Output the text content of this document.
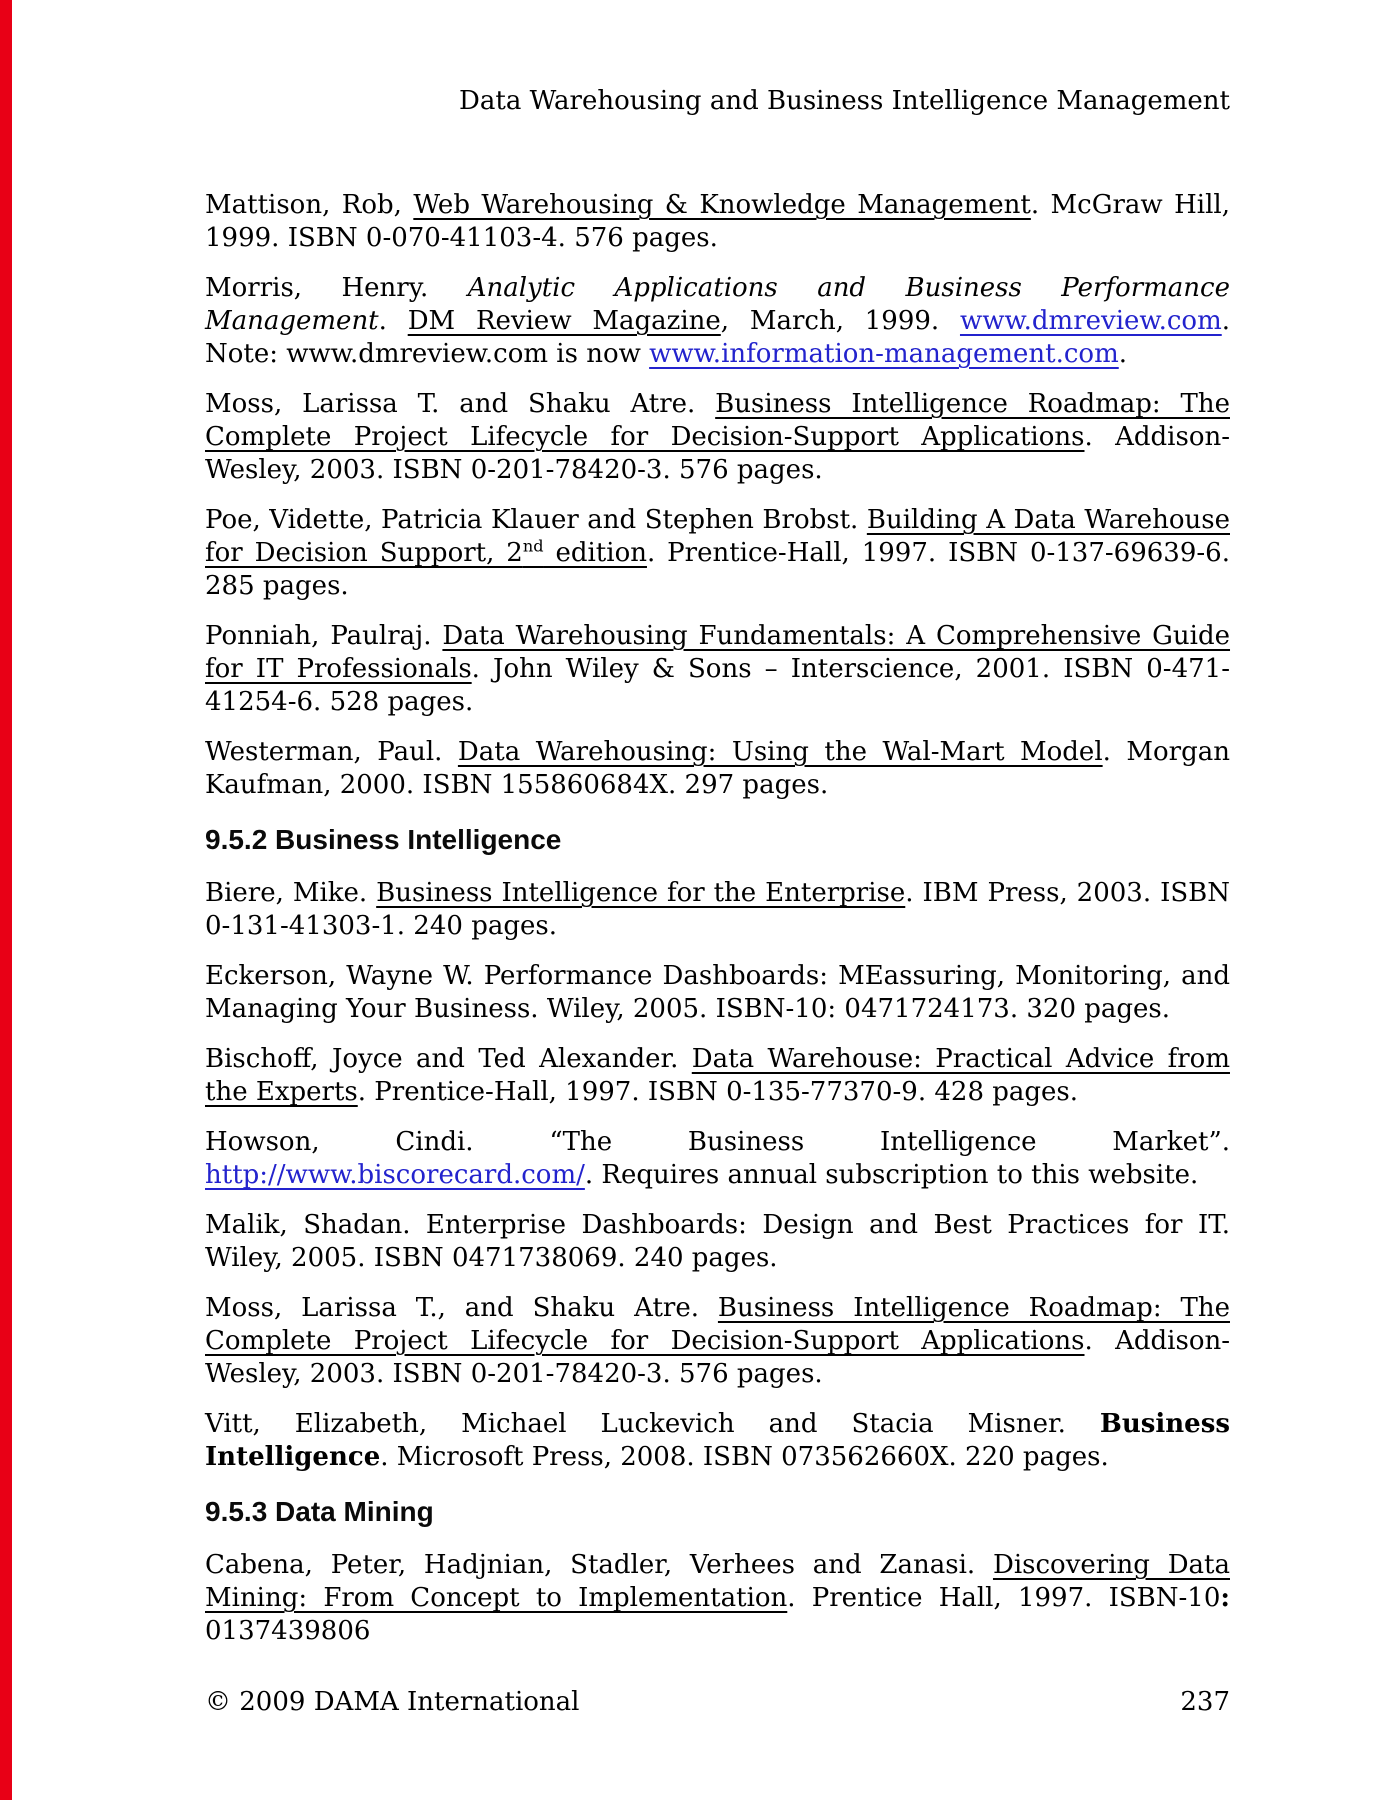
Data Warehousing and Business Intelligence Management

Mattison, Rob, Web Warehousing & Knowledge Management. McGraw Hill, 1999. ISBN 0-070-41103-4. 576 pages.

Morris, Henry. Analytic Applications and Business Performance Management. DM Review Magazine, March, 1999. www.dmreview.com. Note: www.dmreview.com is now www.information-management.com.

Moss, Larissa T. and Shaku Atre. Business Intelligence Roadmap: The Complete Project Lifecycle for Decision-Support Applications. Addison-Wesley, 2003. ISBN 0-201-78420-3. 576 pages.

Poe, Vidette, Patricia Klauer and Stephen Brobst. Building A Data Warehouse for Decision Support, 2nd edition. Prentice-Hall, 1997. ISBN 0-137-69639-6. 285 pages.

Ponniah, Paulraj. Data Warehousing Fundamentals: A Comprehensive Guide for IT Professionals. John Wiley & Sons – Interscience, 2001. ISBN 0-471-41254-6. 528 pages.

Westerman, Paul. Data Warehousing: Using the Wal-Mart Model. Morgan Kaufman, 2000. ISBN 155860684X. 297 pages.

9.5.2 Business Intelligence

Biere, Mike. Business Intelligence for the Enterprise. IBM Press, 2003. ISBN 0-131-41303-1. 240 pages.

Eckerson, Wayne W. Performance Dashboards: MEassuring, Monitoring, and Managing Your Business. Wiley, 2005. ISBN-10: 0471724173. 320 pages.

Bischoff, Joyce and Ted Alexander. Data Warehouse: Practical Advice from the Experts. Prentice-Hall, 1997. ISBN 0-135-77370-9. 428 pages.

Howson, Cindi. “The Business Intelligence Market”. http://www.biscorecard.com/. Requires annual subscription to this website.

Malik, Shadan. Enterprise Dashboards: Design and Best Practices for IT. Wiley, 2005. ISBN 0471738069. 240 pages.

Moss, Larissa T., and Shaku Atre. Business Intelligence Roadmap: The Complete Project Lifecycle for Decision-Support Applications. Addison-Wesley, 2003. ISBN 0-201-78420-3. 576 pages.

Vitt, Elizabeth, Michael Luckevich and Stacia Misner. Business Intelligence. Microsoft Press, 2008. ISBN 073562660X. 220 pages.

9.5.3 Data Mining

Cabena, Peter, Hadjnian, Stadler, Verhees and Zanasi. Discovering Data Mining: From Concept to Implementation. Prentice Hall, 1997. ISBN-10: 0137439806

© 2009 DAMA International	237
